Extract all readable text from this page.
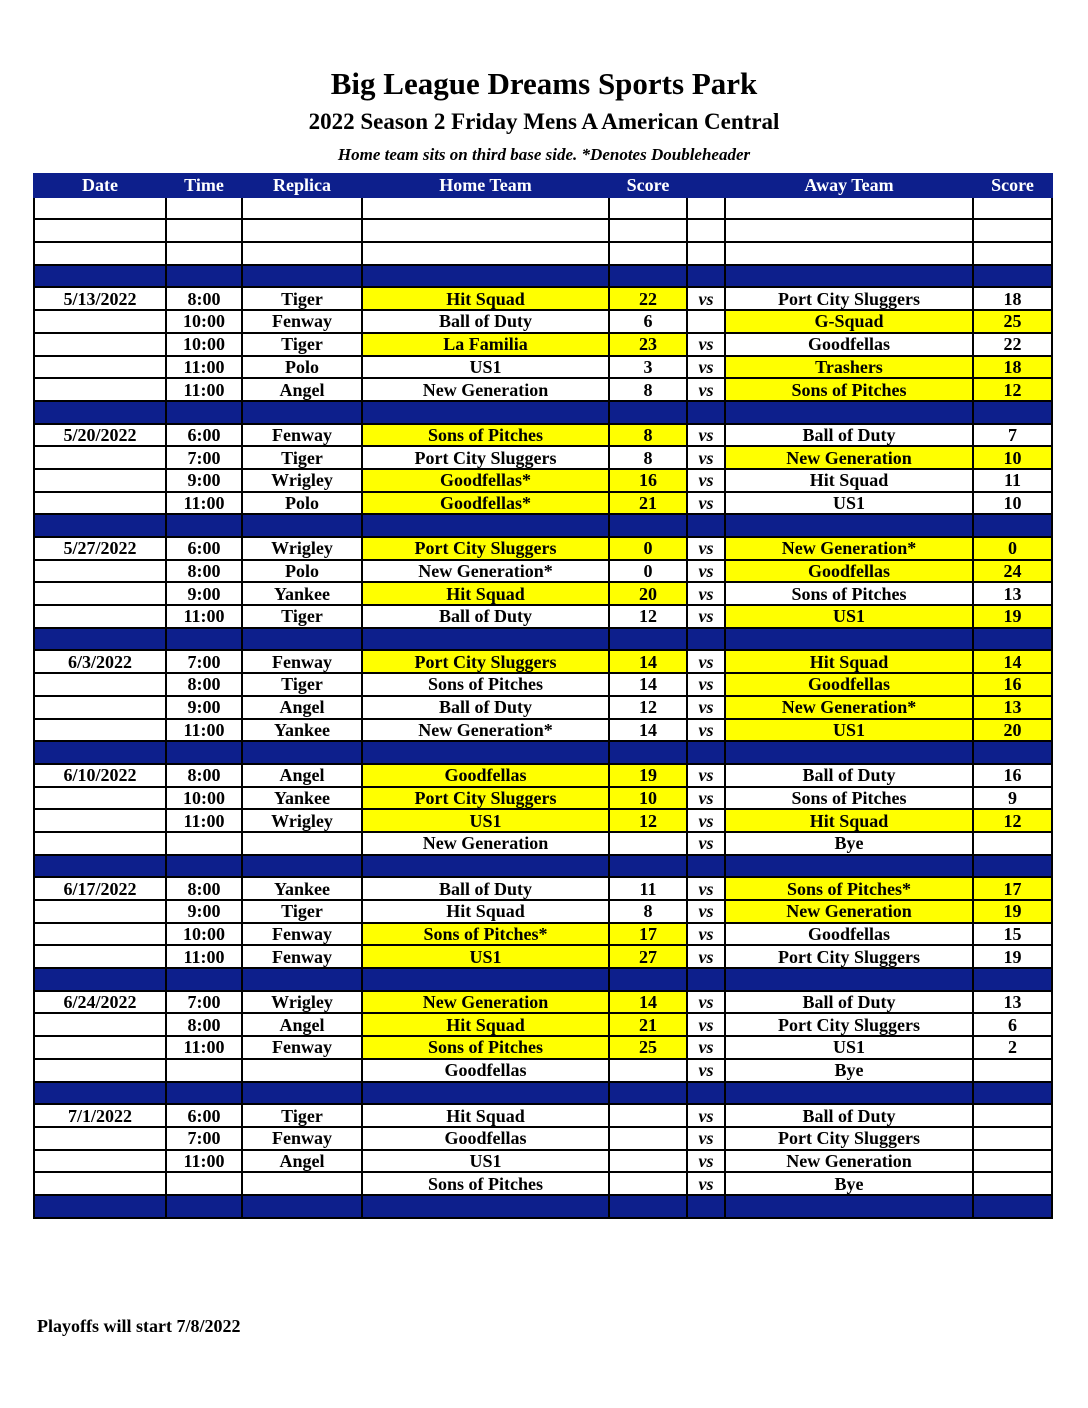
Big League Dreams Sports Park
2022 Season 2 Friday Mens A American Central
Home team sits on third base side. *Denotes Doubleheader
Date	Time	Replica	Home Team	Score		Away Team	Score

5/13/2022	8:00	Tiger	Hit Squad	22	vs	Port City Sluggers	18
	10:00	Fenway	Ball of Duty	6		G-Squad	25
	10:00	Tiger	La Familia	23	vs	Goodfellas	22
	11:00	Polo	US1	3	vs	Trashers	18
	11:00	Angel	New Generation	8	vs	Sons of Pitches	12

5/20/2022	6:00	Fenway	Sons of Pitches	8	vs	Ball of Duty	7
	7:00	Tiger	Port City Sluggers	8	vs	New Generation	10
	9:00	Wrigley	Goodfellas*	16	vs	Hit Squad	11
	11:00	Polo	Goodfellas*	21	vs	US1	10

5/27/2022	6:00	Wrigley	Port City Sluggers	0	vs	New Generation*	0
	8:00	Polo	New Generation*	0	vs	Goodfellas	24
	9:00	Yankee	Hit Squad	20	vs	Sons of Pitches	13
	11:00	Tiger	Ball of Duty	12	vs	US1	19

6/3/2022	7:00	Fenway	Port City Sluggers	14	vs	Hit Squad	14
	8:00	Tiger	Sons of Pitches	14	vs	Goodfellas	16
	9:00	Angel	Ball of Duty	12	vs	New Generation*	13
	11:00	Yankee	New Generation*	14	vs	US1	20

6/10/2022	8:00	Angel	Goodfellas	19	vs	Ball of Duty	16
	10:00	Yankee	Port City Sluggers	10	vs	Sons of Pitches	9
	11:00	Wrigley	US1	12	vs	Hit Squad	12
			New Generation		vs	Bye	

6/17/2022	8:00	Yankee	Ball of Duty	11	vs	Sons of Pitches*	17
	9:00	Tiger	Hit Squad	8	vs	New Generation	19
	10:00	Fenway	Sons of Pitches*	17	vs	Goodfellas	15
	11:00	Fenway	US1	27	vs	Port City Sluggers	19

6/24/2022	7:00	Wrigley	New Generation	14	vs	Ball of Duty	13
	8:00	Angel	Hit Squad	21	vs	Port City Sluggers	6
	11:00	Fenway	Sons of Pitches	25	vs	US1	2
			Goodfellas		vs	Bye	

7/1/2022	6:00	Tiger	Hit Squad		vs	Ball of Duty	
	7:00	Fenway	Goodfellas		vs	Port City Sluggers	
	11:00	Angel	US1		vs	New Generation	
			Sons of Pitches		vs	Bye	

Playoffs will start 7/8/2022
